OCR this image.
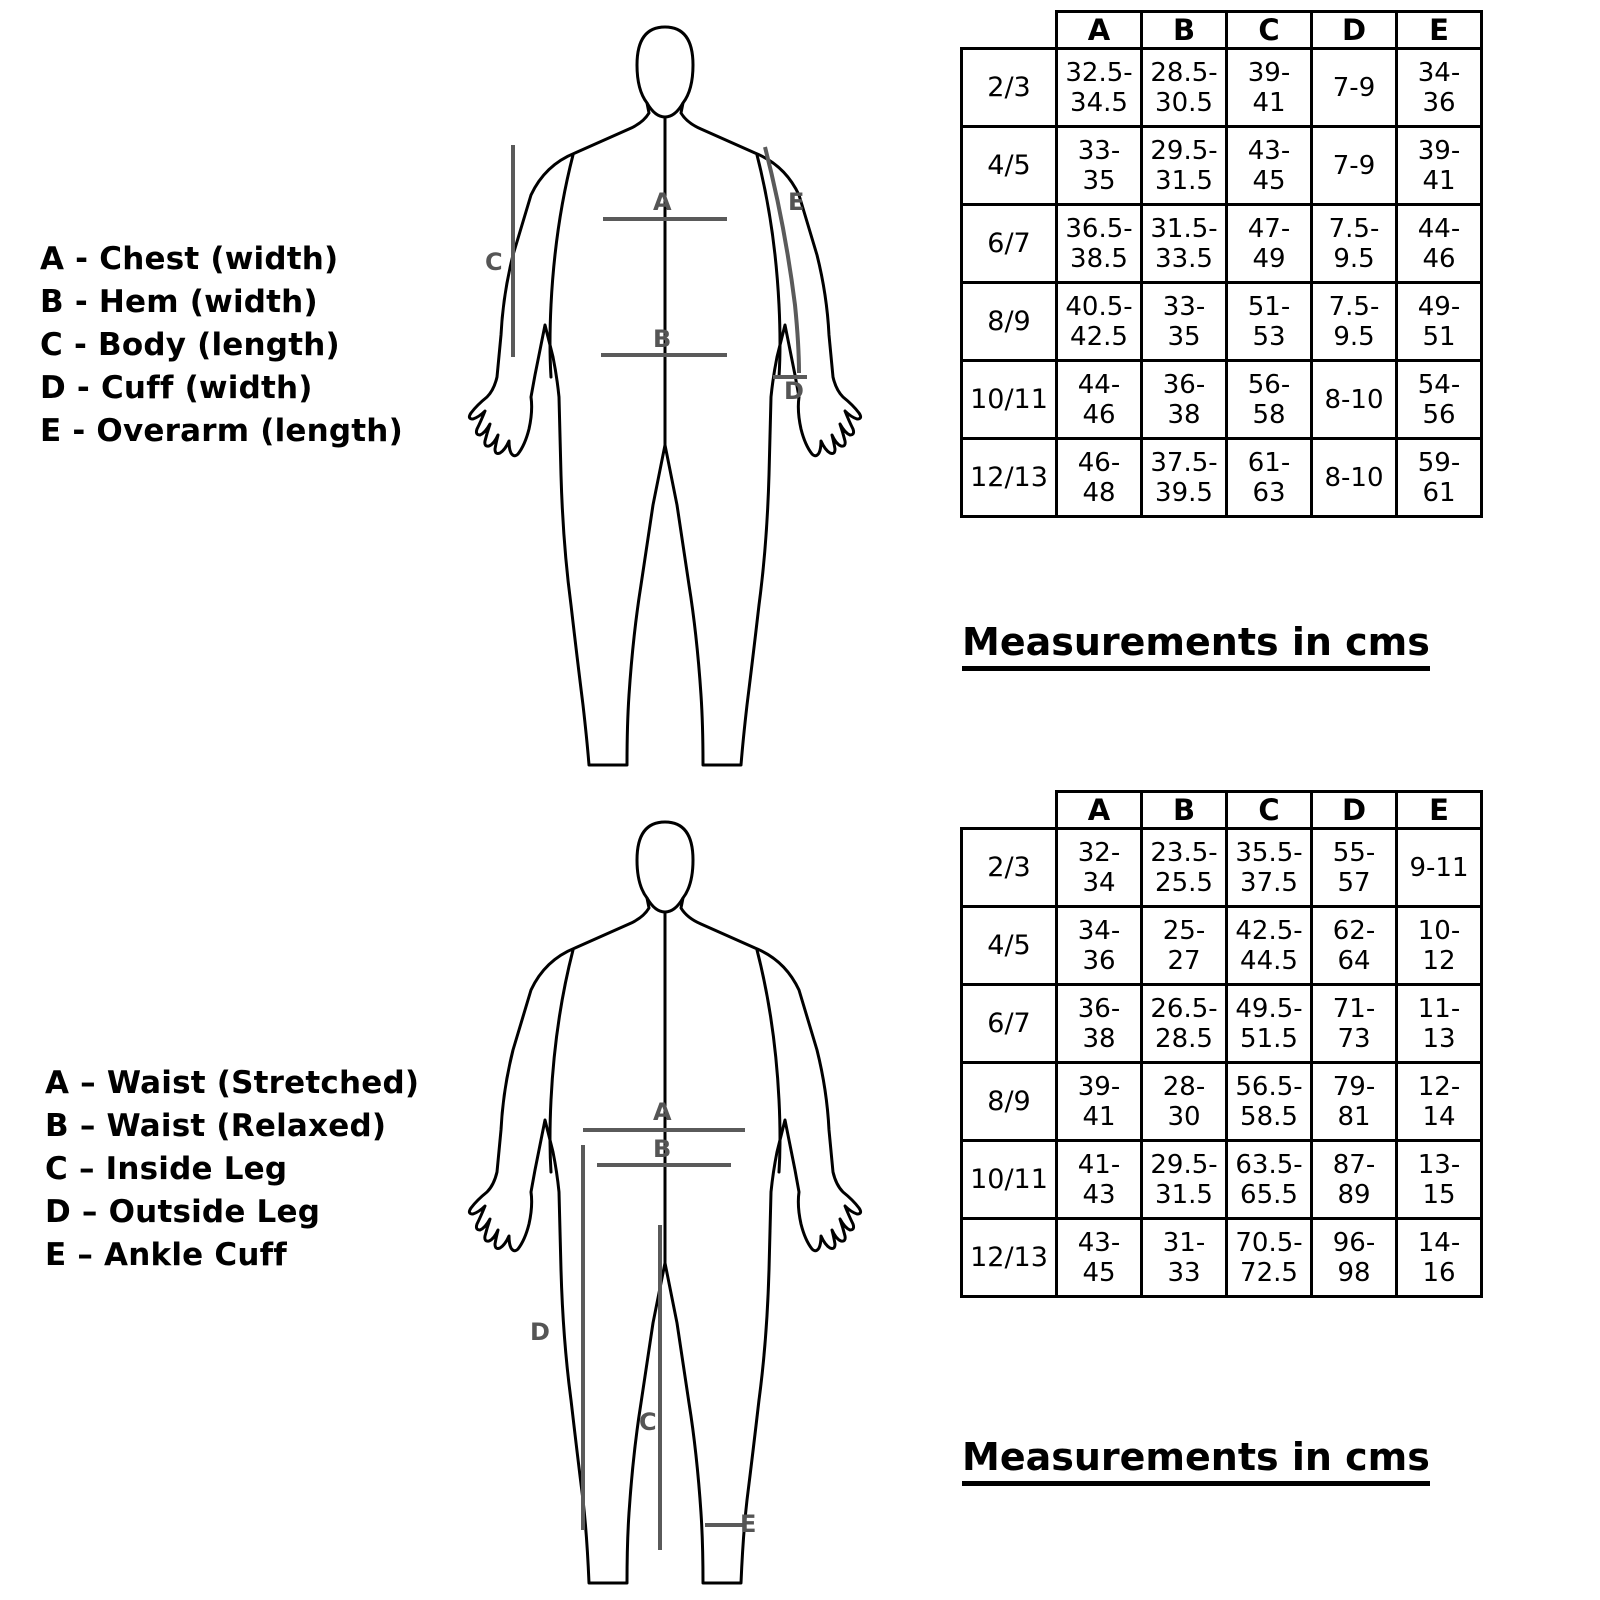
A - Chest (width)
B - Hem (width)
C - Body (length)
D - Cuff (width)
E - Overarm (length)
A
B
C
D
E
	A	B	C	D	E
2/3	32.5-34.5	28.5-30.5	39-41	7-9	34-36
4/5	33-35	29.5-31.5	43-45	7-9	39-41
6/7	36.5-38.5	31.5-33.5	47-49	7.5-9.5	44-46
8/9	40.5-42.5	33-35	51-53	7.5-9.5	49-51
10/11	44-46	36-38	56-58	8-10	54-56
12/13	46-48	37.5-39.5	61-63	8-10	59-61
Measurements in cms
A – Waist (Stretched)
B – Waist (Relaxed)
C – Inside Leg
D – Outside Leg
E – Ankle Cuff
A
B
C
D
E
	A	B	C	D	E
2/3	32-34	23.5-25.5	35.5-37.5	55-57	9-11
4/5	34-36	25-27	42.5-44.5	62-64	10-12
6/7	36-38	26.5-28.5	49.5-51.5	71-73	11-13
8/9	39-41	28-30	56.5-58.5	79-81	12-14
10/11	41-43	29.5-31.5	63.5-65.5	87-89	13-15
12/13	43-45	31-33	70.5-72.5	96-98	14-16
Measurements in cms
